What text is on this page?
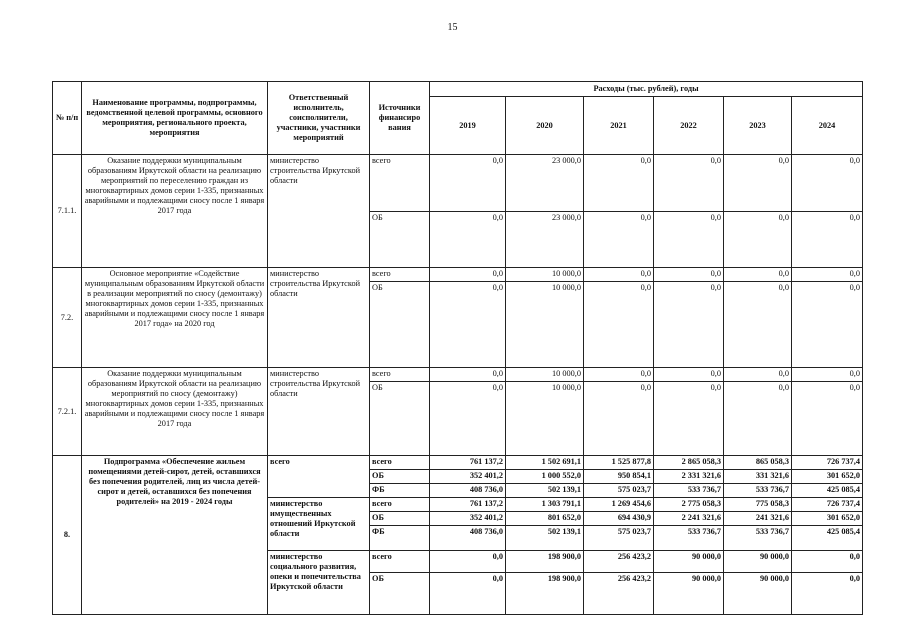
15
№ п/п	Наименование программы, подпрограммы, ведомственной целевой программы, основного мероприятия, регионального проекта, мероприятия	Ответственный исполнитель, соисполнители, участники, участники мероприятий	Источники финансиро вания	Расходы (тыс. рублей), годы					
				2019	2020	2021	2022	2023	2024
7.1.1.	Оказание поддержки муниципальным образованиям Иркутской области на реализацию мероприятий по переселению граждан из многоквартирных домов серии 1-335, признанных аварийными и подлежащими сносу после 1 января 2017 года	министерство строительства Иркутской области	всего	0,0	23 000,0	0,0	0,0	0,0	0,0
			ОБ	0,0	23 000,0	0,0	0,0	0,0	0,0
7.2.	Основное мероприятие «Содействие муниципальным образованиям Иркутской области в реализации мероприятий по сносу (демонтажу) многоквартирных домов серии 1-335, признанных аварийными и подлежащими сносу после 1 января 2017 года» на 2020 год	министерство строительства Иркутской области	всего	0,0	10 000,0	0,0	0,0	0,0	0,0
			ОБ	0,0	10 000,0	0,0	0,0	0,0	0,0
7.2.1.	Оказание поддержки муниципальным образованиям Иркутской области на реализацию мероприятий по сносу (демонтажу) многоквартирных домов серии 1-335, признанных аварийными и подлежащими сносу после 1 января 2017 года	министерство строительства Иркутской области	всего	0,0	10 000,0	0,0	0,0	0,0	0,0
			ОБ	0,0	10 000,0	0,0	0,0	0,0	0,0
8.	Подпрограмма «Обеспечение жильем помещениями детей-сирот, детей, оставшихся без попечения родителей, лиц из числа детей-сирот и детей, оставшихся без попечения родителей» на 2019 - 2024 годы	всего	всего	761 137,2	1 502 691,1	1 525 877,8	2 865 058,3	865 058,3	726 737,4
			ОБ	352 401,2	1 000 552,0	950 854,1	2 331 321,6	331 321,6	301 652,0
			ФБ	408 736,0	502 139,1	575 023,7	533 736,7	533 736,7	425 085,4
		министерство имущественных отношений Иркутской области	всего	761 137,2	1 303 791,1	1 269 454,6	2 775 058,3	775 058,3	726 737,4
			ОБ	352 401,2	801 652,0	694 430,9	2 241 321,6	241 321,6	301 652,0
			ФБ	408 736,0	502 139,1	575 023,7	533 736,7	533 736,7	425 085,4
		министерство социального развития, опеки и попечительства Иркутской области	всего	0,0	198 900,0	256 423,2	90 000,0	90 000,0	0,0
			ОБ	0,0	198 900,0	256 423,2	90 000,0	90 000,0	0,0
